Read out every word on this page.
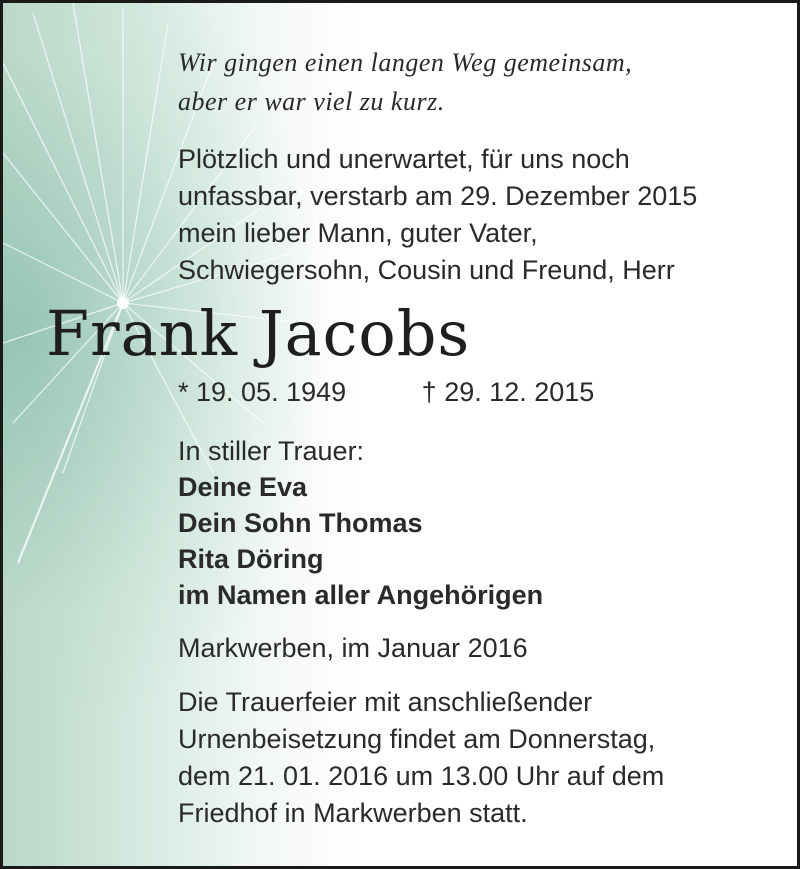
Wir gingen einen langen Weg gemeinsam,
aber er war viel zu kurz.

Plötzlich und unerwartet, für uns noch
unfassbar, verstarb am 29. Dezember 2015
mein lieber Mann, guter Vater,
Schwiegersohn, Cousin und Freund, Herr

Frank Jacobs
* 19. 05. 1949	† 29. 12. 2015
In stiller Trauer:
Deine Eva
Dein Sohn Thomas
Rita Döring
im Namen aller Angehörigen
Markwerben, im Januar 2016
Die Trauerfeier mit anschließender
Urnenbeisetzung findet am Donnerstag,
dem 21. 01. 2016 um 13.00 Uhr auf dem
Friedhof in Markwerben statt.
